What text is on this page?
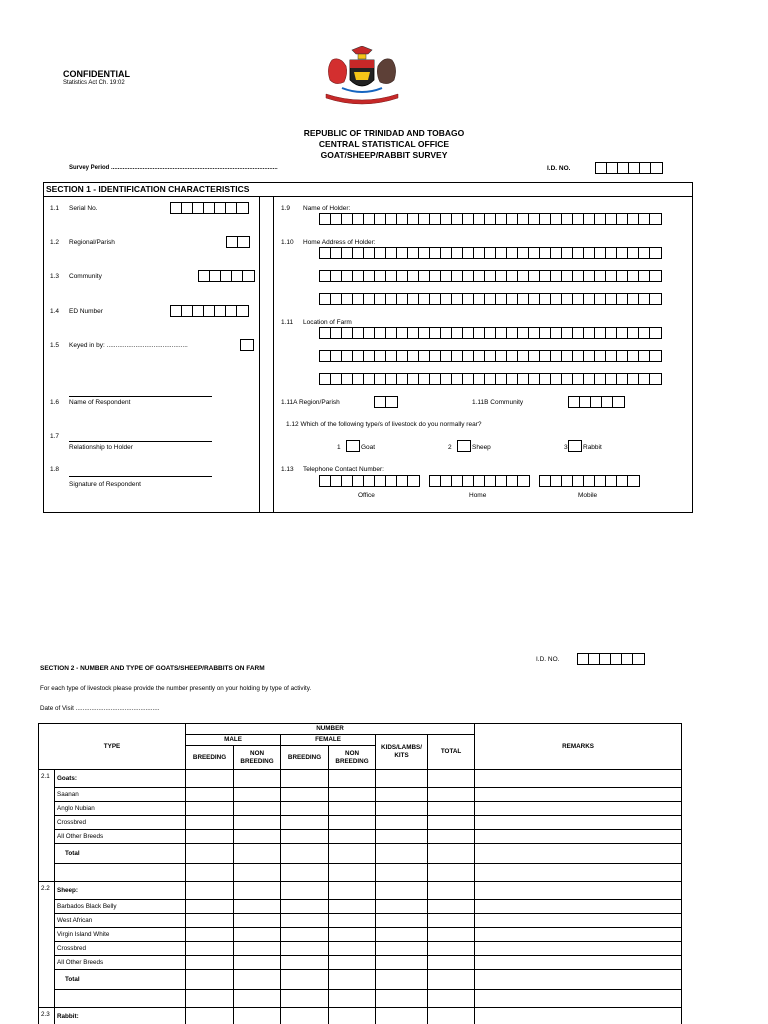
CONFIDENTIAL
Statistics Act Ch. 19:02
REPUBLIC OF TRINIDAD AND TOBAGO
CENTRAL STATISTICAL OFFICE
GOAT/SHEEP/RABBIT SURVEY
Survey Period ....................................................................................................	I.D. NO.
SECTION 1 - IDENTIFICATION CHARACTERISTICS
1.1 Serial No.
1.2 Regional/Parish
1.3 Community
1.4 ED Number
1.5 Keyed in by: .............................................
1.6 Name of Respondent
1.7
Relationship to Holder
1.8
Signature of Respondent
1.9 Name of Holder:
1.10 Home Address of Holder:
1.11 Location of Farm
1.11A Region/Parish	1.11B Community
1.12 Which of the following type/s of livestock do you normally rear?
1	Goat	2	Sheep	3 Rabbit
1.13 Telephone Contact Number:
Office	Home	Mobile
I.D. NO.
SECTION 2 - NUMBER AND TYPE OF GOATS/SHEEP/RABBITS ON FARM
For each type of livestock please provide the number presently on your holding by type of activity.
Date of Visit ................................................
TYPE		NUMBER						REMARKS
		MALE		FEMALE		KIDS/LAMBS/ KITS	TOTAL	
		BREEDING	NON BREEDING	BREEDING	NON BREEDING			
2.1	Goats:							
	Saanan							
	Anglo Nubian							
	Crossbred							
	All Other Breeds							
	Total							

2.2	Sheep:							
	Barbados Black Belly							
	West African							
	Virgin Island White							
	Crossbred							
	All Other Breeds							
	Total							

2.3	Rabbit:							
